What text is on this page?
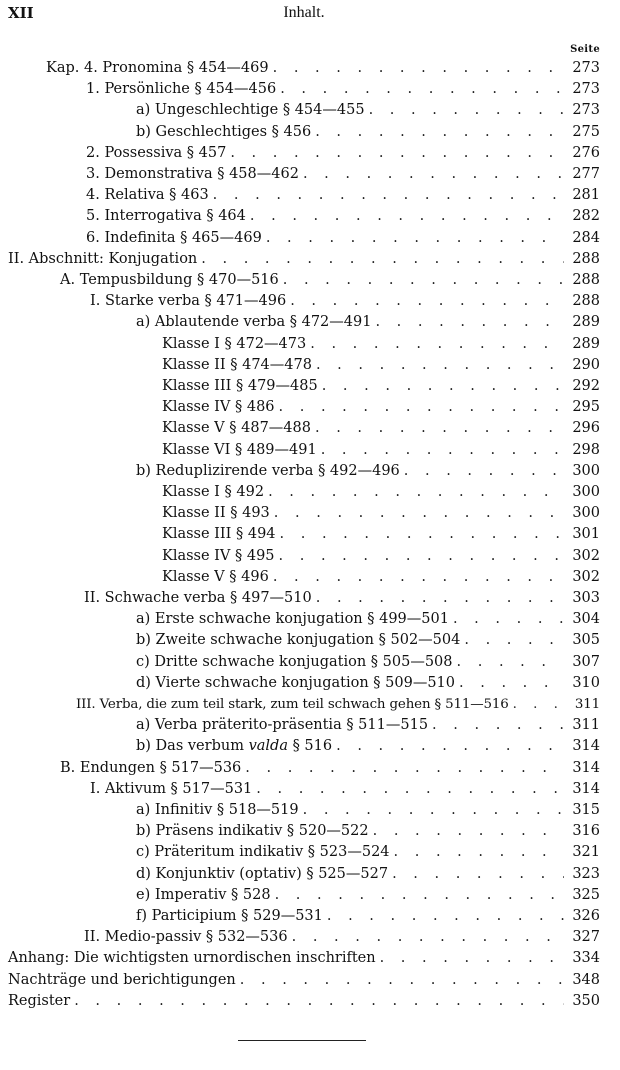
XII	Inhalt.
Seite
Kap. 4. Pronomina § 454—469 . . .	273
1. Persönliche § 454—456 . . .	273
a) Ungeschlechtige § 454—455 . . .	273
b) Geschlechtiges § 456 . . .	275
2. Possessiva § 457 . . .	276
3. Demonstrativa § 458—462 . . .	277
4. Relativa § 463 . . .	281
5. Interrogativa § 464 . . .	282
6. Indefinita § 465—469 . . .	284
II. Abschnitt: Konjugation . . .	288
A. Tempusbildung § 470—516 . . .	288
I. Starke verba § 471—496 . . .	288
a) Ablautende verba § 472—491 . . .	289
Klasse I § 472—473 . . .	289
Klasse II § 474—478 . . .	290
Klasse III § 479—485 . . .	292
Klasse IV § 486 . . .	295
Klasse V § 487—488 . . .	296
Klasse VI § 489—491 . . .	298
b) Reduplizirende verba § 492—496 . . .	300
Klasse I § 492 . . .	300
Klasse II § 493 . . .	300
Klasse III § 494 . . .	301
Klasse IV § 495 . . .	302
Klasse V § 496 . . .	302
II. Schwache verba § 497—510 . . .	303
a) Erste schwache konjugation § 499—501 . . .	304
b) Zweite schwache konjugation § 502—504 . . .	305
c) Dritte schwache konjugation § 505—508 . . .	307
d) Vierte schwache konjugation § 509—510 . . .	310
III. Verba, die zum teil stark, zum teil schwach gehen § 511—516 . . .	311
a) Verba präterito-präsentia § 511—515 . . .	311
b) Das verbum valda § 516 . . .	314
B. Endungen § 517—536 . . .	314
I. Aktivum § 517—531 . . .	314
a) Infinitiv § 518—519 . . .	315
b) Präsens indikativ § 520—522 . . .	316
c) Präteritum indikativ § 523—524 . . .	321
d) Konjunktiv (optativ) § 525—527 . . .	323
e) Imperativ § 528 . . .	325
f) Participium § 529—531 . . .	326
II. Medio-passiv § 532—536 . . .	327
Anhang: Die wichtigsten urnordischen inschriften . . .	334
Nachträge und berichtigungen . . .	348
Register . . .	350
